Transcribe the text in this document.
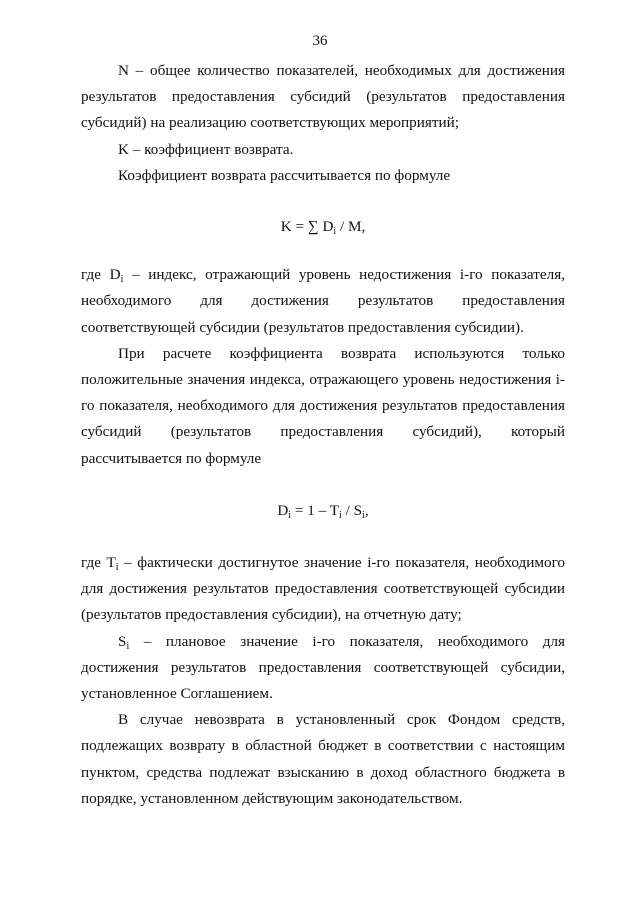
36

N – общее количество показателей, необходимых для достижения результатов предоставления субсидий (результатов предоставления субсидий) на реализацию соответствующих мероприятий;

K – коэффициент возврата.

Коэффициент возврата рассчитывается по формуле

K = ∑ $D_i$ / M,

где $D_i$ – индекс, отражающий уровень недостижения i-го показателя, необходимого для достижения результатов предоставления соответствующей субсидии (результатов предоставления субсидии).

При расчете коэффициента возврата используются только положительные значения индекса, отражающего уровень недостижения i-го показателя, необходимого для достижения результатов предоставления субсидий (результатов предоставления субсидий), который рассчитывается по формуле

$D_i = 1 - T_i / S_i$,

где $T_i$ – фактически достигнутое значение i-го показателя, необходимого для достижения результатов предоставления соответствующей субсидии (результатов предоставления субсидии), на отчетную дату;

$S_i$ – плановое значение i-го показателя, необходимого для достижения результатов предоставления соответствующей субсидии, установленное Соглашением.

В случае невозврата в установленный срок Фондом средств, подлежащих возврату в областной бюджет в соответствии с настоящим пунктом, средства подлежат взысканию в доход областного бюджета в порядке, установленном действующим законодательством.
